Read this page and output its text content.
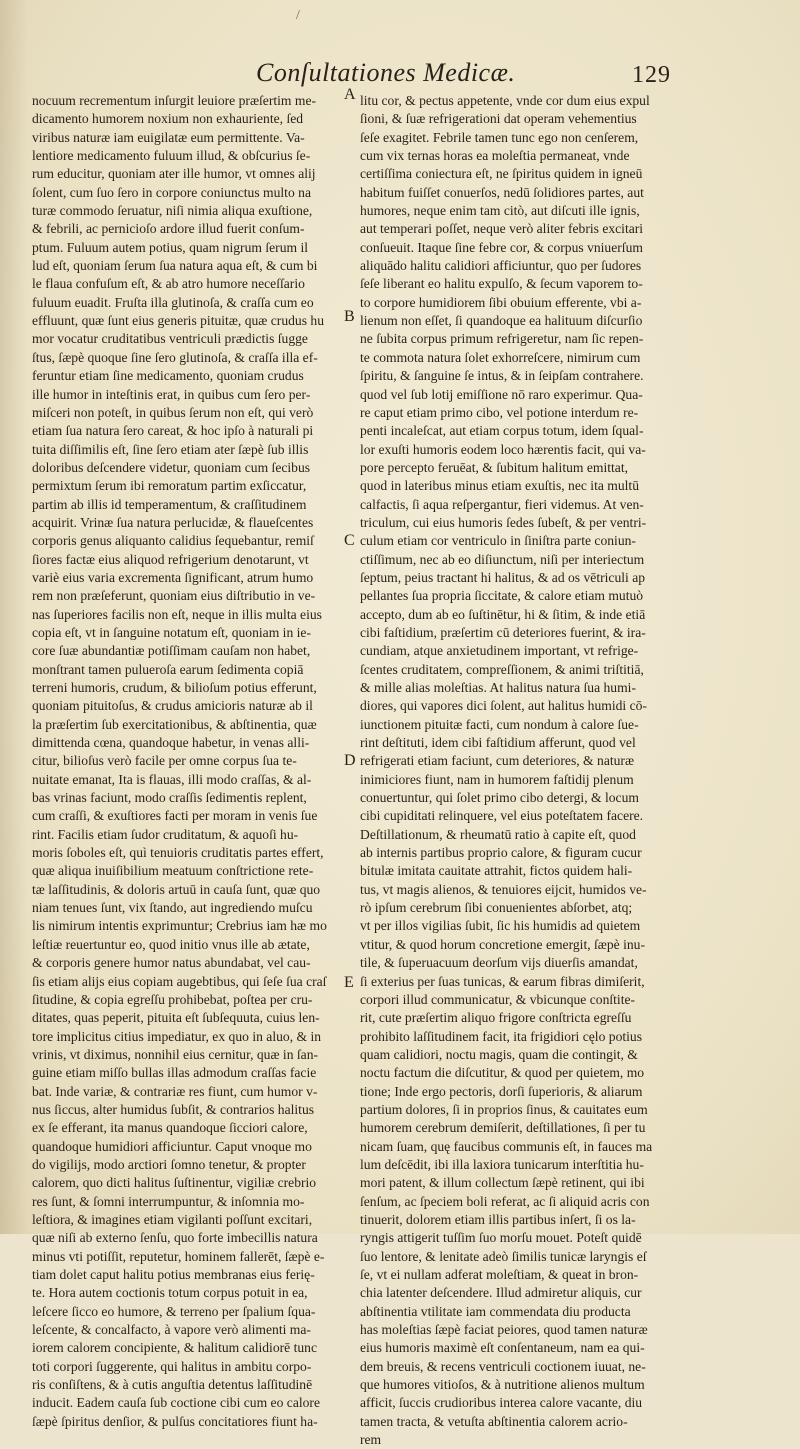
/
Conſultationes Medicæ.	129
nocuum recrementum inſurgit leuiore præſertim me-
dicamento humorem noxium non exhauriente, ſed
viribus naturæ iam euigilatæ eum permittente. Va-
lentiore medicamento fuluum illud, & obſcurius ſe-
rum educitur, quoniam ater ille humor, vt omnes alij
ſolent, cum ſuo ſero in corpore coniunctus multo na
turæ commodo ſeruatur, niſi nimia aliqua exuſtione,
& febrili, ac pernicioſo ardore illud fuerit conſum-
ptum. Fuluum autem potius, quam nigrum ſerum il
lud eſt, quoniam ſerum ſua natura aqua eſt, & cum bi
le flaua confuſum eſt, & ab atro humore neceſſario
fuluum euadit. Fruſta illa glutinoſa, & craſſa cum eo
effluunt, quæ ſunt eius generis pituitæ, quæ crudus hu
mor vocatur cruditatibus ventriculi prædictis ſugge
ſtus, ſæpè quoque ſine ſero glutinoſa, & craſſa illa ef-
feruntur etiam ſine medicamento, quoniam crudus
ille humor in inteſtinis erat, in quibus cum ſero per-
miſceri non poteſt, in quibus ſerum non eſt, qui verò
etiam ſua natura ſero careat, & hoc ipſo à naturali pi
tuita diſſimilis eſt, ſine ſero etiam ater ſæpè ſub illis
doloribus deſcendere videtur, quoniam cum ſecibus
permixtum ſerum ibi remoratum partim exſiccatur,
partim ab illis id temperamentum, & craſſitudinem
acquirit. Vrinæ ſua natura perlucidæ, & flaueſcentes
corporis genus aliquanto calidius ſequebantur, remiſ
ſiores factæ eius aliquod refrigerium denotarunt, vt
variè eius varia excrementa ſignificant, atrum humo
rem non præſeferunt, quoniam eius diſtributio in ve-
nas ſuperiores facilis non eſt, neque in illis multa eius
copia eſt, vt in ſanguine notatum eſt, quoniam in ie-
core ſuæ abundantiæ potiſſimam cauſam non habet,
monſtrant tamen pulueroſa earum ſedimenta copiā
terreni humoris, crudum, & bilioſum potius efferunt,
quoniam pituitoſus, & crudus amicioris naturæ ab il
la præſertim ſub exercitationibus, & abſtinentia, quæ
dimittenda cœna, quandoque habetur, in venas alli-
citur, bilioſus verò facile per omne corpus ſua te-
nuitate emanat, Ita is flauas, illi modo craſſas, & al-
bas vrinas faciunt, modo craſſis ſedimentis replent,
cum craſſi, & exuſtiores facti per moram in venis ſue
rint. Facilis etiam ſudor cruditatum, & aquoſi hu-
moris ſoboles eſt, quì tenuioris cruditatis partes effert,
quæ aliqua inuiſibilium meatuum conſtrictione rete-
tæ laſſitudinis, & doloris artuū in cauſa ſunt, quæ quo
niam tenues ſunt, vix ſtando, aut ingrediendo muſcu
lis nimirum intentis exprimuntur; Crebrius iam hæ mo
leſtiæ reuertuntur eo, quod initio vnus ille ab ætate,
& corporis genere humor natus abundabat, vel cau-
ſis etiam alijs eius copiam augebtibus, qui ſeſe ſua craſ
ſitudine, & copia egreſſu prohibebat, poſtea per cru-
ditates, quas peperit, pituita eſt ſubſequuta, cuius len-
tore implicitus citius impediatur, ex quo in aluo, & in
vrinis, vt diximus, nonnihil eius cernitur, quæ in ſan-
guine etiam miſſo bullas illas admodum craſſas facie
bat. Inde variæ, & contrariæ res fiunt, cum humor v-
nus ſiccus, alter humidus ſubſit, & contrarios halitus
ex ſe efferant, ita manus quandoque ſicciori calore,
quandoque humidiori afficiuntur. Caput vnoque mo
do vigilijs, modo arctiori ſomno tenetur, & propter
calorem, quo dicti halitus ſuſtinentur, vigiliæ crebrio
res ſunt, & ſomni interrumpuntur, & inſomnia mo-
leſtiora, & imagines etiam vigilanti poſſunt excitari,
quæ niſi ab externo ſenſu, quo forte imbecillis natura
minus vti potiſſit, reputetur, hominem fallerēt, ſæpè e-
tiam dolet caput halitu potius membranas eius ferię-
te. Hora autem coctionis totum corpus potuit in ea,
leſcere ſicco eo humore, & terreno per ſpalium ſqua-
leſcente, & concalfacto, à vapore verò alimenti ma-
iorem calorem concipiente, & halitum calidiorē tunc
toti corpori ſuggerente, qui halitus in ambitu corpo-
ris conſiſtens, & à cutis anguſtia detentus laſſitudinē
inducit. Eadem cauſa ſub coctione cibi cum eo calore
ſæpè ſpiritus denſior, & pulſus concitatiores fiunt ha-
A
B
C
D
E
litu cor, & pectus appetente, vnde cor dum eius expul
ſioni, & ſuæ refrigerationi dat operam vehementius
ſeſe exagitet. Febrile tamen tunc ego non cenſerem,
cum vix ternas horas ea moleſtia permaneat, vnde
certiſſima coniectura eſt, ne ſpiritus quidem in igneū
habitum fuiſſet conuerſos, nedū ſolidiores partes, aut
humores, neque enim tam citò, aut diſcuti ille ignis,
aut temperari poſſet, neque verò aliter febris excitari
conſueuit. Itaque ſine febre cor, & corpus vniuerſum
aliquādo halitu calidiori afficiuntur, quo per ſudores
ſeſe liberant eo halitu expulſo, & ſecum vaporem to-
to corpore humidiorem ſibi obuium efferente, vbi a-
lienum non eſſet, ſi quandoque ea halituum diſcurſio
ne ſubita corpus primum refrigeretur, nam ſic repen-
te commota natura ſolet exhorreſcere, nimirum cum
ſpiritu, & ſanguine ſe intus, & in ſeipſam contrahere.
quod vel ſub lotij emiſſione nō raro experimur. Qua-
re caput etiam primo cibo, vel potione interdum re-
penti incaleſcat, aut etiam corpus totum, idem ſqual-
lor exuſti humoris eodem loco hærentis facit, qui va-
pore percepto feruēat, & ſubitum halitum emittat,
quod in lateribus minus etiam exuſtis, nec ita multū
calfactis, ſi aqua reſpergantur, fieri videmus. At ven-
triculum, cui eius humoris ſedes ſubeſt, & per ventri-
culum etiam cor ventriculo in ſiniſtra parte coniun-
ctiſſimum, nec ab eo diſiunctum, niſi per interiectum
ſeptum, peius tractant hi halitus, & ad os vētriculi ap
pellantes ſua propria ſiccitate, & calore etiam mutuò
accepto, dum ab eo ſuſtinētur, hi & ſitim, & inde etiā
cibi faſtidium, præſertim cū deteriores fuerint, & ira-
cundiam, atque anxietudinem important, vt refrige-
ſcentes cruditatem, compreſſionem, & animi triſtitiā,
& mille alias moleſtias. At halitus natura ſua humi-
diores, qui vapores dici ſolent, aut halitus humidi cō-
iunctionem pituitæ facti, cum nondum à calore ſue-
rint deſtituti, idem cibi faſtidium afferunt, quod vel
refrigerati etiam faciunt, cum deteriores, & naturæ
inimiciores fiunt, nam in humorem faſtidij plenum
conuertuntur, qui ſolet primo cibo detergi, & locum
cibi cupiditati relinquere, vel eius poteſtatem facere.
Deſtillationum, & rheumatū ratio à capite eſt, quod
ab internis partibus proprio calore, & figuram cucur
bitulæ imitata cauitate attrahit, fictos quidem hali-
tus, vt magis alienos, & tenuiores eijcit, humidos ve-
rò ipſum cerebrum ſibi conuenientes abſorbet, atq;
vt per illos vigilias ſubit, ſic his humidis ad quietem
vtitur, & quod horum concretione emergit, ſæpè inu-
tile, & ſuperuacuum deorſum vijs diuerſis amandat,
ſi exterius per ſuas tunicas, & earum fibras dimiſerit,
corpori illud communicatur, & vbicunque conſtite-
rit, cute præſertim aliquo frigore conſtricta egreſſu
prohibito laſſitudinem facit, ita frigidiori cęlo potius
quam calidiori, noctu magis, quam die contingit, &
noctu factum die diſcutitur, & quod per quietem, mo
tione; Inde ergo pectoris, dorſi ſuperioris, & aliarum
partium dolores, ſi in proprios ſinus, & cauitates eum
humorem cerebrum demiſerit, deſtillationes, ſi per tu
nicam ſuam, quę faucibus communis eſt, in fauces ma
lum deſcēdit, ibi illa laxiora tunicarum interſtitia hu-
mori patent, & illum collectum ſæpè retinent, qui ibi
ſenſum, ac ſpeciem boli referat, ac ſi aliquid acris con
tinuerit, dolorem etiam illis partibus inſert, ſi os la-
ryngis attigerit tuſſim ſuo morſu mouet. Poteſt quidē
ſuo lentore, & lenitate adeò ſimilis tunicæ laryngis eſ
ſe, vt ei nullam adferat moleſtiam, & queat in bron-
chia latenter deſcendere. Illud admiretur aliquis, cur
abſtinentia vtilitate iam commendata diu producta
has moleſtias ſæpè faciat peiores, quod tamen naturæ
eius humoris maximè eſt conſentaneum, nam ea qui-
dem breuis, & recens ventriculi coctionem iuuat, ne-
que humores vitioſos, & à nutritione alienos multum
afficit, ſuccis crudioribus interea calore vacante, diu
tamen tracta, & vetuſta abſtinentia calorem acrio-
rem
